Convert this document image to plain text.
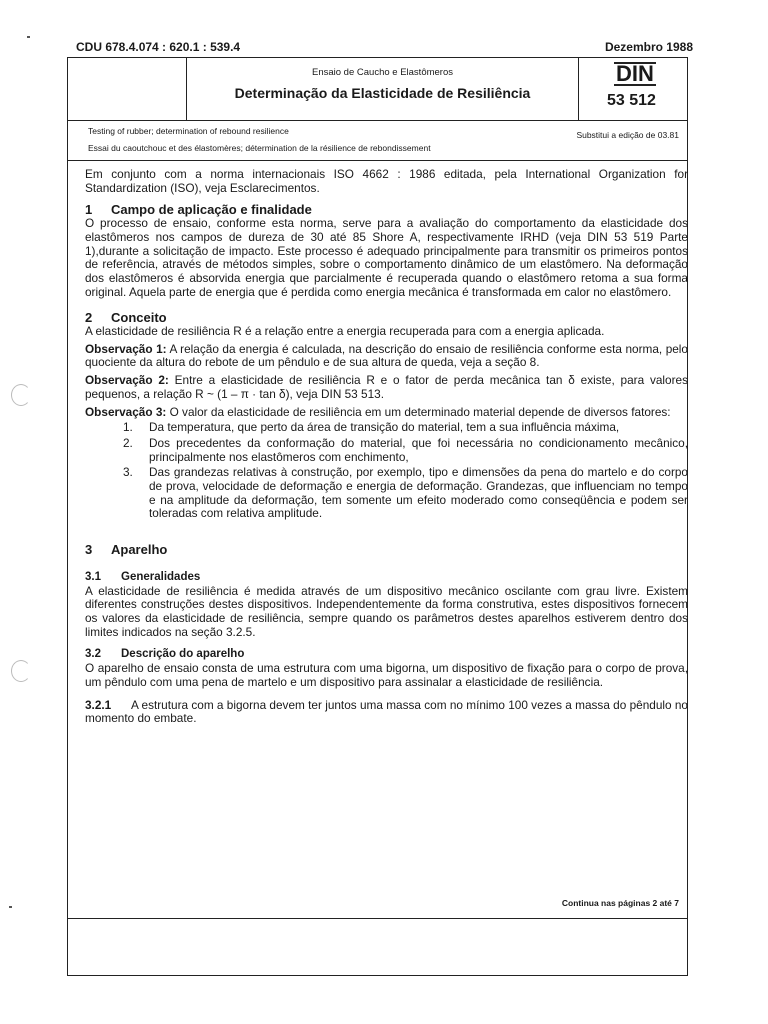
CDU 678.4.074 : 620.1 : 539.4	Dezembro 1988
Ensaio de Caucho e Elastômeros
Determinação da Elasticidade de Resiliência
DIN
53 512
Testing of rubber; determination of rebound resilience
Essai du caoutchouc et des élastomères; détermination de la résilience de rebondissement
Substitui a edição de 03.81
Continua nas páginas 2 até 7

Em conjunto com a norma internacionais ISO 4662 : 1986 editada, pela International Organization for Standardization (ISO), veja Esclarecimentos.

1 Campo de aplicação e finalidade

O processo de ensaio, conforme esta norma, serve para a avaliação do comportamento da elasticidade dos elastômeros nos campos de dureza de 30 até 85 Shore A, respectivamente IRHD (veja DIN 53 519 Parte 1),durante a solicitação de impacto. Este processo é adequado principalmente para transmitir os primeiros pontos de referência, através de métodos simples, sobre o comportamento dinâmico de um elastômero. Na deformação dos elastômeros é absorvida energia que parcialmente é recuperada quando o elastômero retoma a sua forma original. Aquela parte de energia que é perdida como energia mecânica é transformada em calor no elastômero.

2 Conceito

A elasticidade de resiliência R é a relação entre a energia recuperada para com a energia aplicada.

Observação 1: A relação da energia é calculada, na descrição do ensaio de resiliência conforme esta norma, pelo quociente da altura do rebote de um pêndulo e de sua altura de queda, veja a seção 8.

Observação 2: Entre a elasticidade de resiliência R e o fator de perda mecânica tan δ existe, para valores pequenos, a relação R ~ (1 – π · tan δ), veja DIN 53 513.

Observação 3: O valor da elasticidade de resiliência em um determinado material depende de diversos fatores:

1. Da temperatura, que perto da área de transição do material, tem a sua influência máxima,
2. Dos precedentes da conformação do material, que foi necessária no condicionamento mecânico, principalmente nos elastômeros com enchimento,
3. Das grandezas relativas à construção, por exemplo, tipo e dimensões da pena do martelo e do corpo de prova, velocidade de deformação e energia de deformação. Grandezas, que influenciam no tempo e na amplitude da deformação, tem somente um efeito moderado como conseqüência e podem ser toleradas com relativa amplitude.

3 Aparelho

3.1 Generalidades

A elasticidade de resiliência é medida através de um dispositivo mecânico oscilante com grau livre. Existem diferentes construções destes dispositivos. Independentemente da forma construtiva, estes dispositivos fornecem os valores da elasticidade de resiliência, sempre quando os parâmetros destes aparelhos estiverem dentro dos limites indicados na seção 3.2.5.

3.2 Descrição do aparelho

O aparelho de ensaio consta de uma estrutura com uma bigorna, um dispositivo de fixação para o corpo de prova, um pêndulo com uma pena de martelo e um dispositivo para assinalar a elasticidade de resiliência.

3.2.1 A estrutura com a bigorna devem ter juntos uma massa com no mínimo 100 vezes a massa do pêndulo no momento do embate.
